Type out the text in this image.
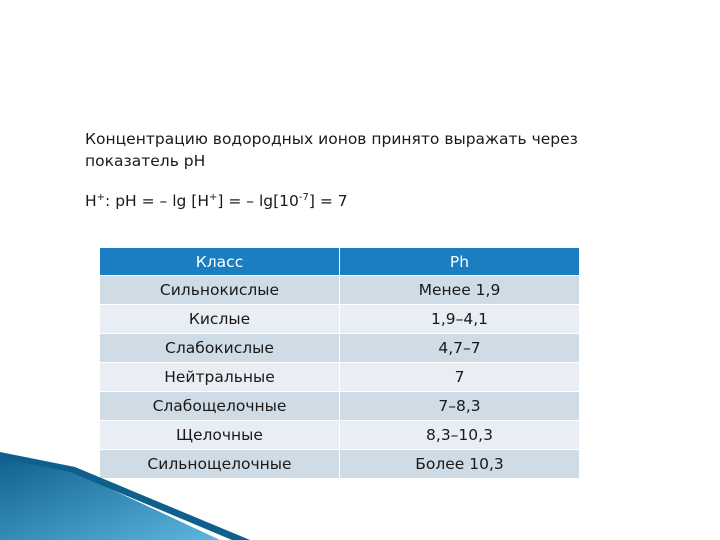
Концентрацию водородных ионов принято выражать через показатель pH

H+: pH = – lg [H+] = – $\lg[10^{-7}] = 7$
Класс	Ph
Сильнокислые	Менее 1,9
Кислые	1,9–4,1
Слабокислые	4,7–7
Нейтральные	7
Слабощелочные	7–8,3
Щелочные	8,3–10,3
Сильнощелочные	Более 10,3
